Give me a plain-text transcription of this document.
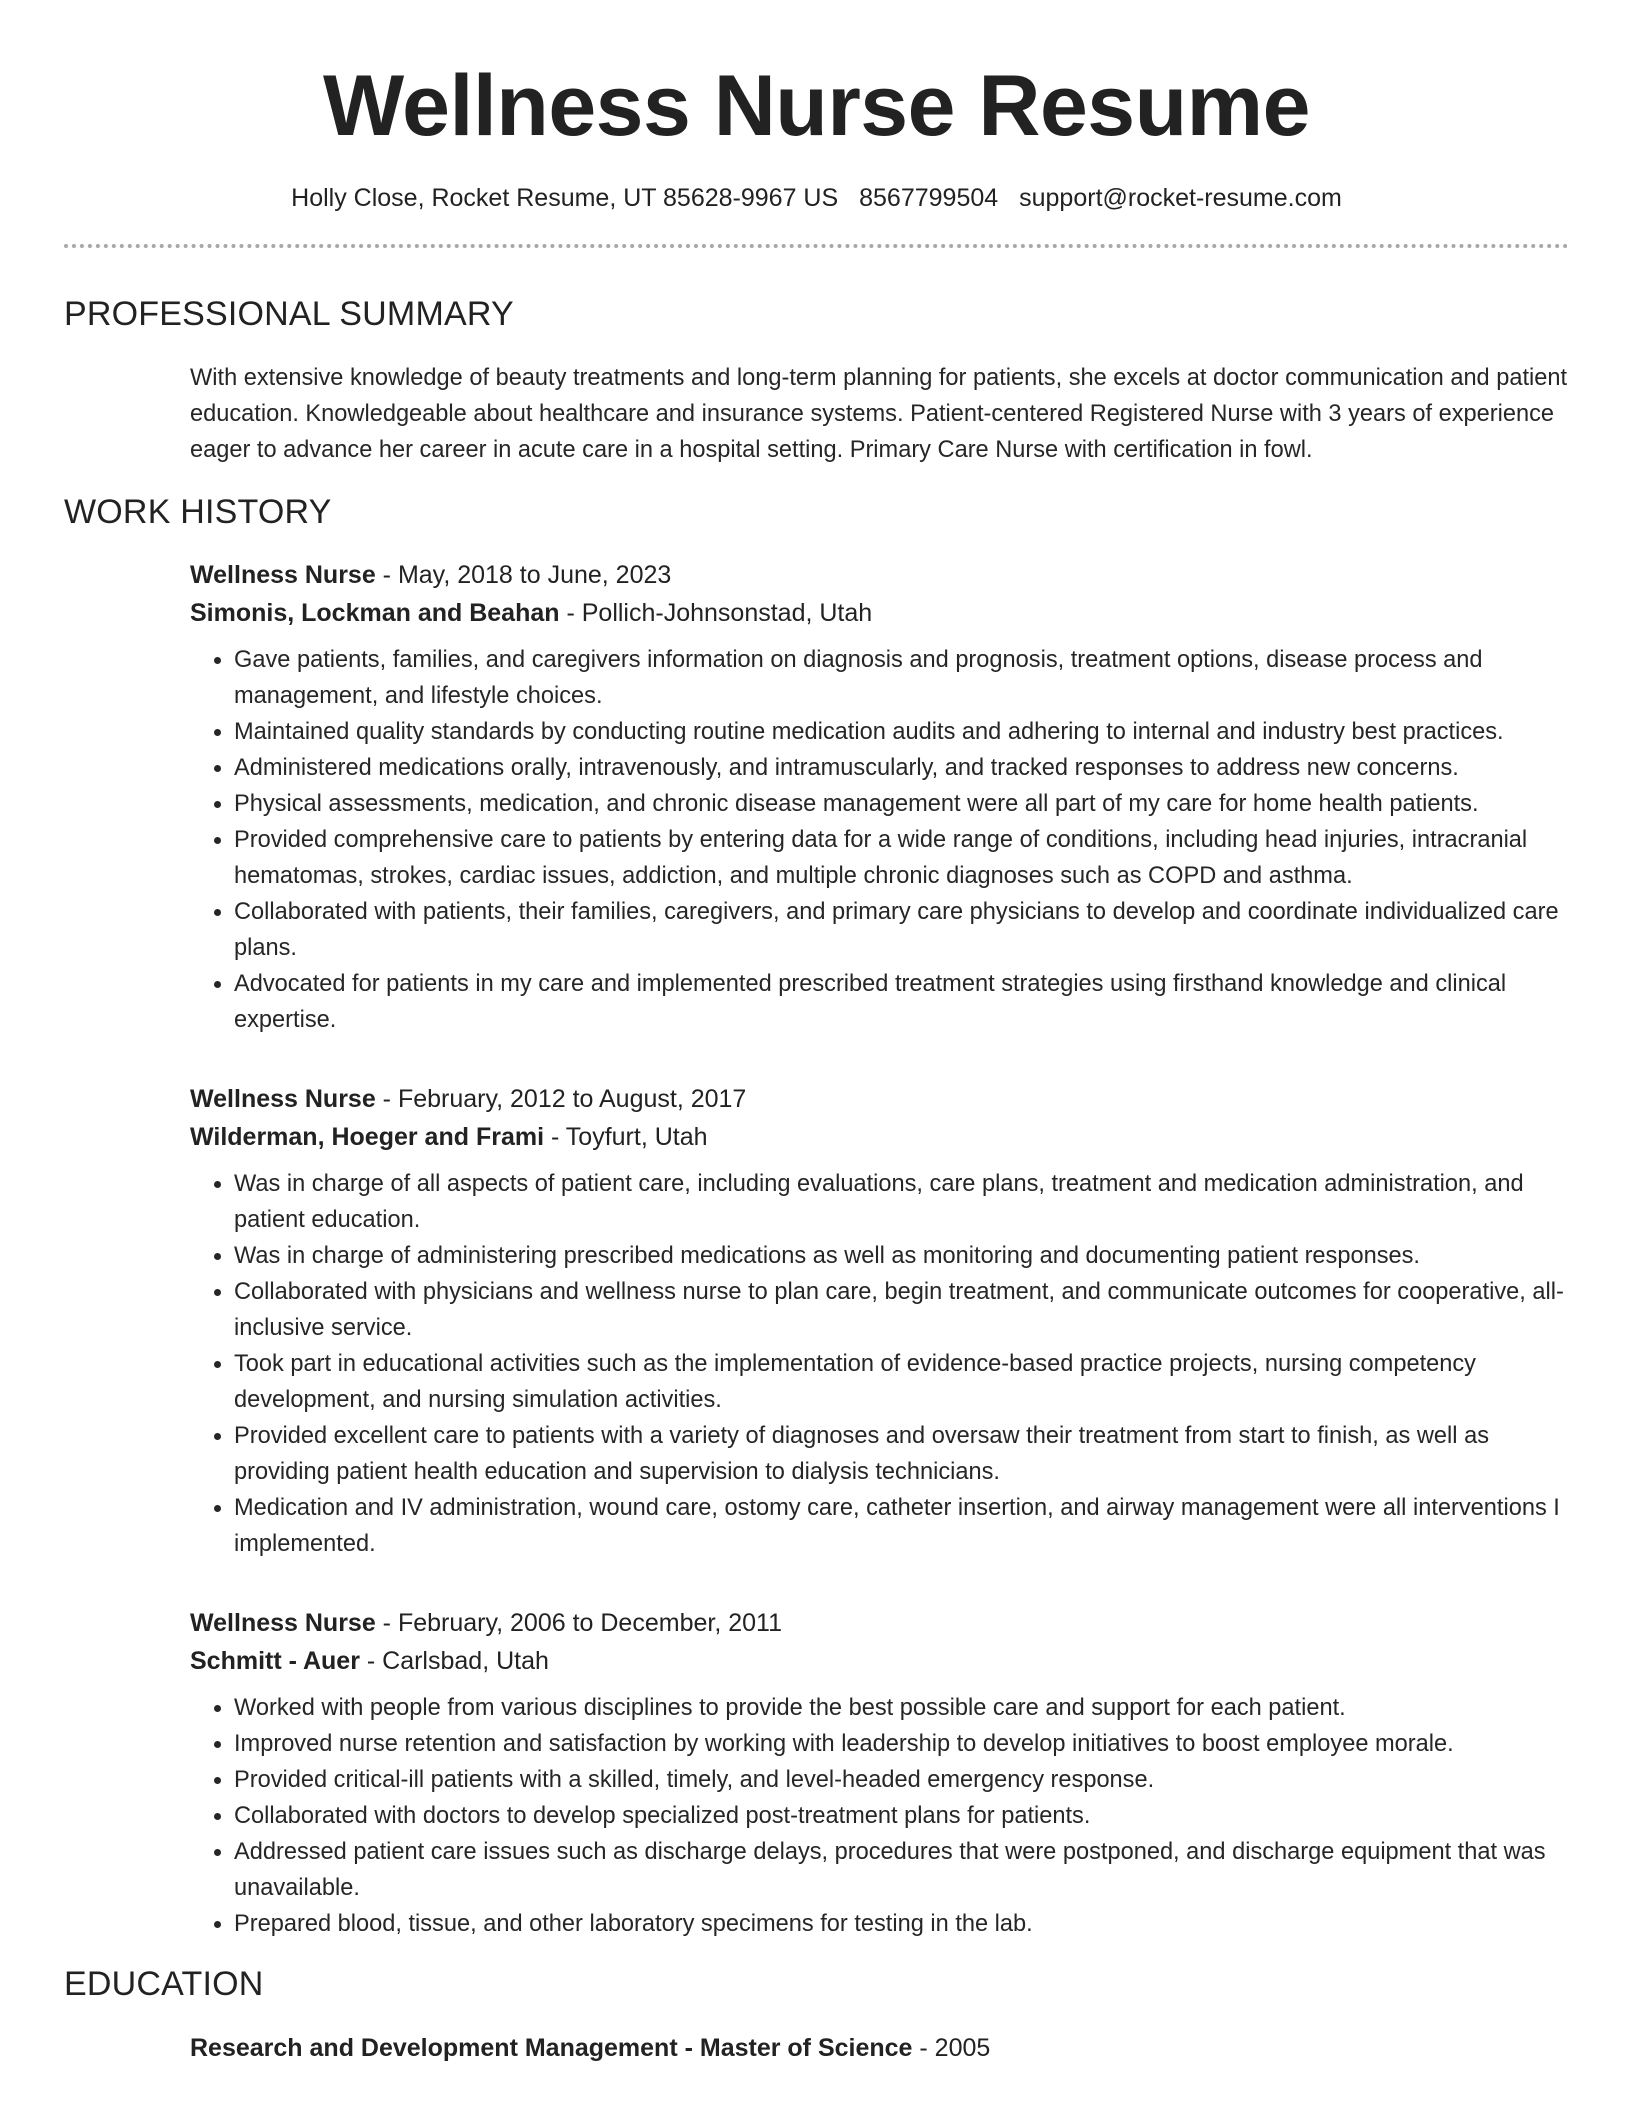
Wellness Nurse Resume
Holly Close, Rocket Resume, UT 85628-9967 US 8567799504 support@rocket-resume.com
PROFESSIONAL SUMMARY

With extensive knowledge of beauty treatments and long-term planning for patients, she excels at doctor communication and patient education. Knowledgeable about healthcare and insurance systems. Patient-centered Registered Nurse with 3 years of experience eager to advance her career in acute care in a hospital setting. Primary Care Nurse with certification in fowl.

WORK HISTORY
Wellness Nurse - May, 2018 to June, 2023
Simonis, Lockman and Beahan - Pollich-Johnsonstad, Utah
• Gave patients, families, and caregivers information on diagnosis and prognosis, treatment options, disease process and management, and lifestyle choices.
• Maintained quality standards by conducting routine medication audits and adhering to internal and industry best practices.
• Administered medications orally, intravenously, and intramuscularly, and tracked responses to address new concerns.
• Physical assessments, medication, and chronic disease management were all part of my care for home health patients.
• Provided comprehensive care to patients by entering data for a wide range of conditions, including head injuries, intracranial hematomas, strokes, cardiac issues, addiction, and multiple chronic diagnoses such as COPD and asthma.
• Collaborated with patients, their families, caregivers, and primary care physicians to develop and coordinate individualized care plans.
• Advocated for patients in my care and implemented prescribed treatment strategies using firsthand knowledge and clinical expertise.
Wellness Nurse - February, 2012 to August, 2017
Wilderman, Hoeger and Frami - Toyfurt, Utah
• Was in charge of all aspects of patient care, including evaluations, care plans, treatment and medication administration, and patient education.
• Was in charge of administering prescribed medications as well as monitoring and documenting patient responses.
• Collaborated with physicians and wellness nurse to plan care, begin treatment, and communicate outcomes for cooperative, all-inclusive service.
• Took part in educational activities such as the implementation of evidence-based practice projects, nursing competency development, and nursing simulation activities.
• Provided excellent care to patients with a variety of diagnoses and oversaw their treatment from start to finish, as well as providing patient health education and supervision to dialysis technicians.
• Medication and IV administration, wound care, ostomy care, catheter insertion, and airway management were all interventions I implemented.
Wellness Nurse - February, 2006 to December, 2011
Schmitt - Auer - Carlsbad, Utah
• Worked with people from various disciplines to provide the best possible care and support for each patient.
• Improved nurse retention and satisfaction by working with leadership to develop initiatives to boost employee morale.
• Provided critical-ill patients with a skilled, timely, and level-headed emergency response.
• Collaborated with doctors to develop specialized post-treatment plans for patients.
• Addressed patient care issues such as discharge delays, procedures that were postponed, and discharge equipment that was unavailable.
• Prepared blood, tissue, and other laboratory specimens for testing in the lab.
EDUCATION
Research and Development Management - Master of Science - 2005
